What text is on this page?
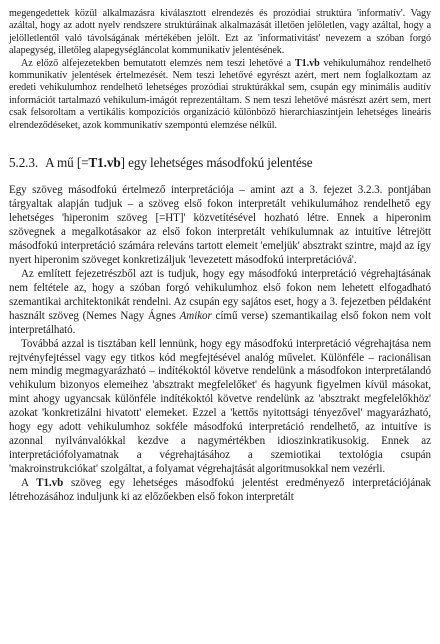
megengedettek közül alkalmazásra kiválasztott elrendezés és prozódiai struktúra 'informatív'. Vagy azáltal, hogy az adott nyelv rendszere struktúráinak alkalmazását illetően jelöletlen, vagy azáltal, hogy a jelölletlentől való távolságának mértékében jelölt. Ezt az 'informativitást' nevezem a szóban forgó alapegység, illetőleg alapegységláncolat kommunikatív jelentésének.

Az előző alfejezetekben bemutatott elemzés nem teszi lehetővé a T1.vb vehikulumához rendelhető kommunikatív jelentések értelmezését. Nem teszi lehetővé egyrészt azért, mert nem foglalkoztam az eredeti vehikulumhoz rendelhető lehetséges prozódiai struktúrákkal sem, csupán egy minimális auditív információt tartalmazó vehikulum-imágót reprezentáltam. S nem teszi lehetővé másrészt azért sem, mert csak felsoroltam a vertikális kompozíciós organizáció különböző hierarchiaszintjein lehetséges lineáris elrendeződéseket, azok kommunikatív szempontú elemzése nélkül.

5.2.3. A mű [=T1.vb] egy lehetséges másodfokú jelentése

Egy szöveg másodfokú értelmező interpretációja – amint azt a 3. fejezet 3.2.3. pontjában tárgyaltak alapján tudjuk – a szöveg első fokon interpretált vehikulumához rendelhető egy lehetséges 'hiperonim szöveg [=HT]' közvetítésével hozható létre. Ennek a hiperonim szövegnek a megalkotásakor az első fokon interpretált vehikulumnak az intuitíve létrejött másodfokú interpretáció számára releváns tartott elemeit 'emeljük' absztrakt szintre, majd az így nyert hiperonim szöveget konkretizáljuk 'levezetett másodfokú interpretációvá'.

Az említett fejezetrészből azt is tudjuk, hogy egy másodfokú interpretáció végrehajtásának nem feltétele az, hogy a szóban forgó vehikulumhoz első fokon nem lehetett elfogadható szemantikai architektonikát rendelni. Az csupán egy sajátos eset, hogy a 3. fejezetben példaként használt szöveg (Nemes Nagy Ágnes Amikor című verse) szemantikailag első fokon nem volt interpretálható.

Továbbá azzal is tisztában kell lennünk, hogy egy másodfokú interpretáció végrehajtása nem rejtvényfejtéssel vagy egy titkos kód megfejtésével analóg művelet. Különféle – racionálisan nem mindig megmagyarázható – indítékoktól követve rendelünk a másodfokon interpretálandó vehikulum bizonyos elemeihez 'absztrakt megfelelőket' és hagyunk figyelmen kívül másokat, mint ahogy ugyancsak különféle indítékoktól követve rendelünk az 'absztrakt megfelelőkhöz' azokat 'konkretizálni hivatott' elemeket. Ezzel a 'kettős nyitottsági tényezővel' magyarázható, hogy egy adott vehikulumhoz sokféle másodfokú interpretáció rendelhető, az intuitíve is azonnal nyilvánvalókkal kezdve a nagymértékben idioszinkratikusokig. Ennek az interpretációfolyamatnak a végrehajtásához a szemiotikai textológia csupán 'makroinstrukciókat' szolgáltat, a folyamat végrehajtását algoritmusokkal nem vezérli.

A T1.vb szöveg egy lehetséges másodfokú jelentést eredményező interpretációjának létrehozásához induljunk ki az előzőekben első fokon interpretált
